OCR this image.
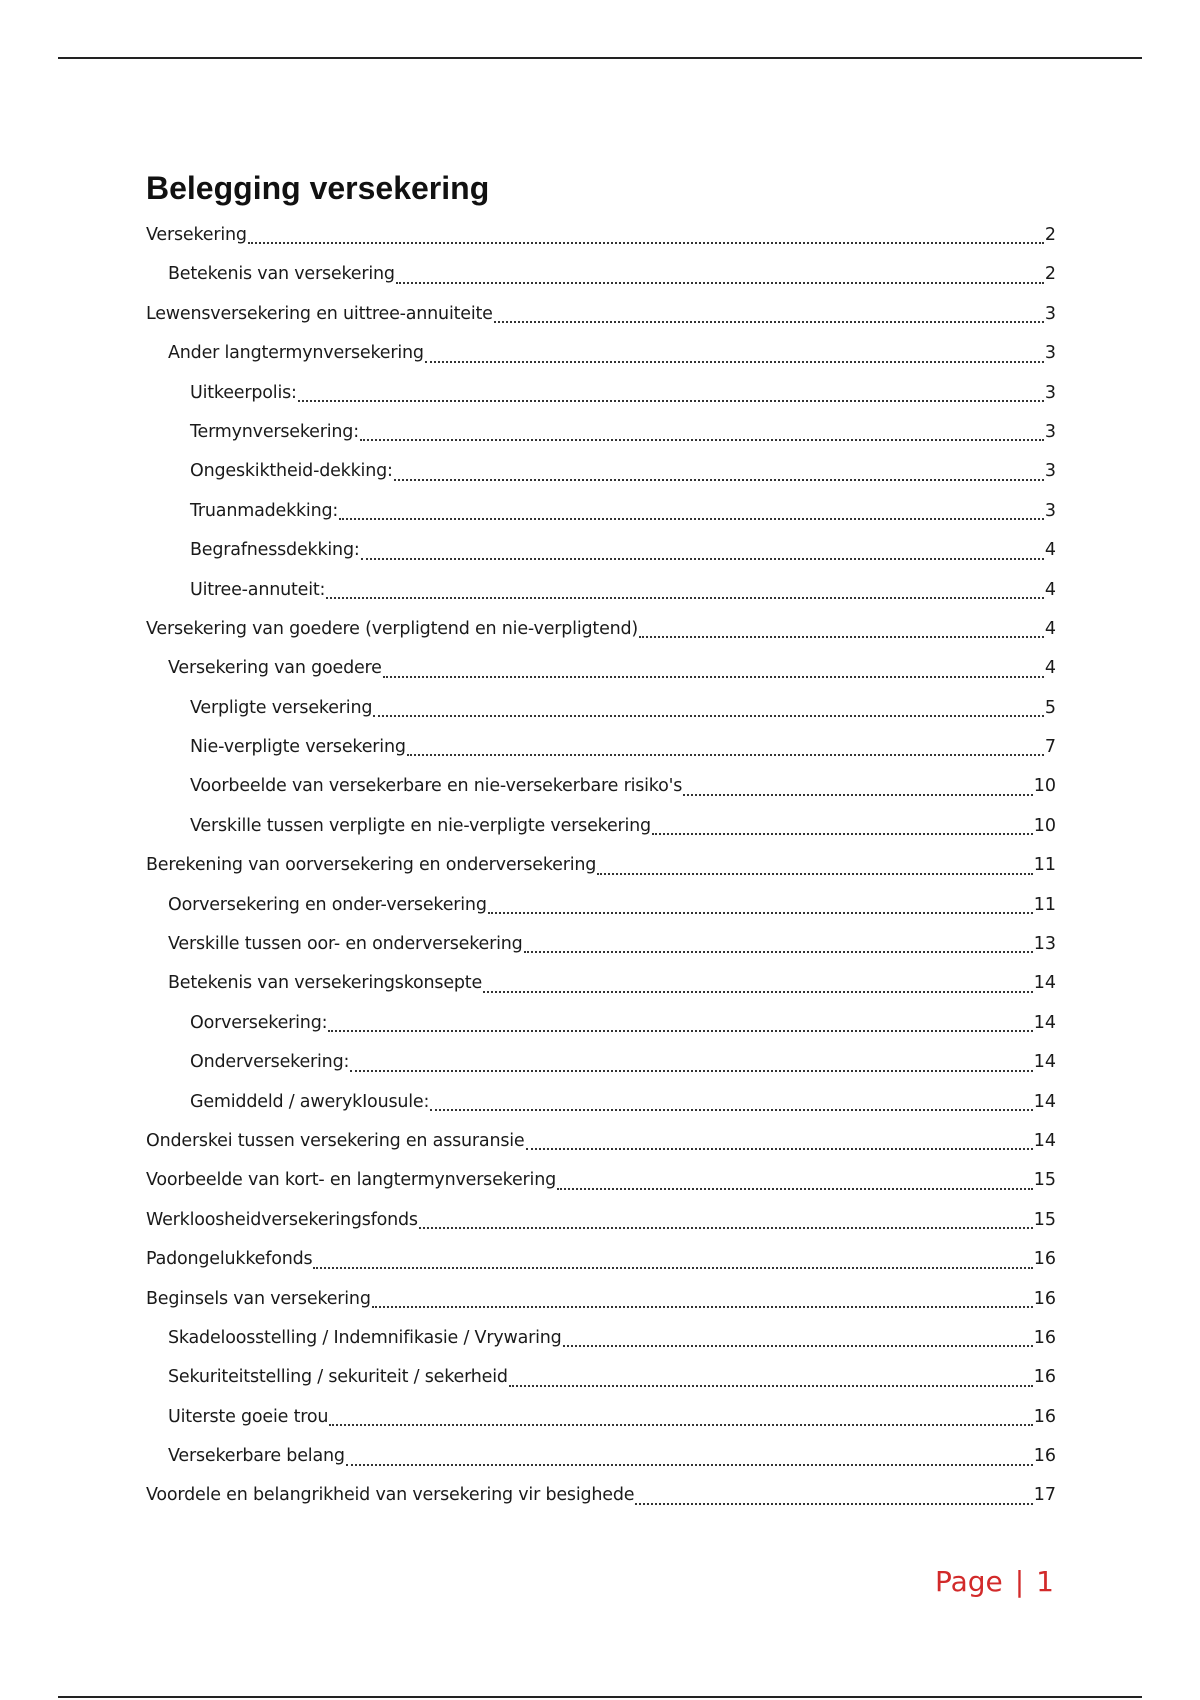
Belegging versekering
Versekering	2
Betekenis van versekering	2
Lewensversekering en uittree-annuiteite	3
Ander langtermynversekering	3
Uitkeerpolis:	3
Termynversekering:	3
Ongeskiktheid-dekking:	3
Truanmadekking:	3
Begrafnessdekking:	4
Uitree-annuteit:	4
Versekering van goedere (verpligtend en nie-verpligtend)	4
Versekering van goedere	4
Verpligte versekering	5
Nie-verpligte versekering	7
Voorbeelde van versekerbare en nie-versekerbare risiko's	10
Verskille tussen verpligte en nie-verpligte versekering	10
Berekening van oorversekering en onderversekering	11
Oorversekering en onder-versekering	11
Verskille tussen oor- en onderversekering	13
Betekenis van versekeringskonsepte	14
Oorversekering:	14
Onderversekering:	14
Gemiddeld / awerykIousule:	14
Onderskei tussen versekering en assuransie	14
Voorbeelde van kort- en langtermynversekering	15
Werkloosheidversekeringsfonds	15
Padongelukkefonds	16
Beginsels van versekering	16
Skadeloosstelling / Indemnifikasie / Vrywaring	16
Sekuriteitstelling / sekuriteit / sekerheid	16
Uiterste goeie trou	16
Versekerbare belang	16
Voordele en belangrikheid van versekering vir besighede	17
Page | 1
